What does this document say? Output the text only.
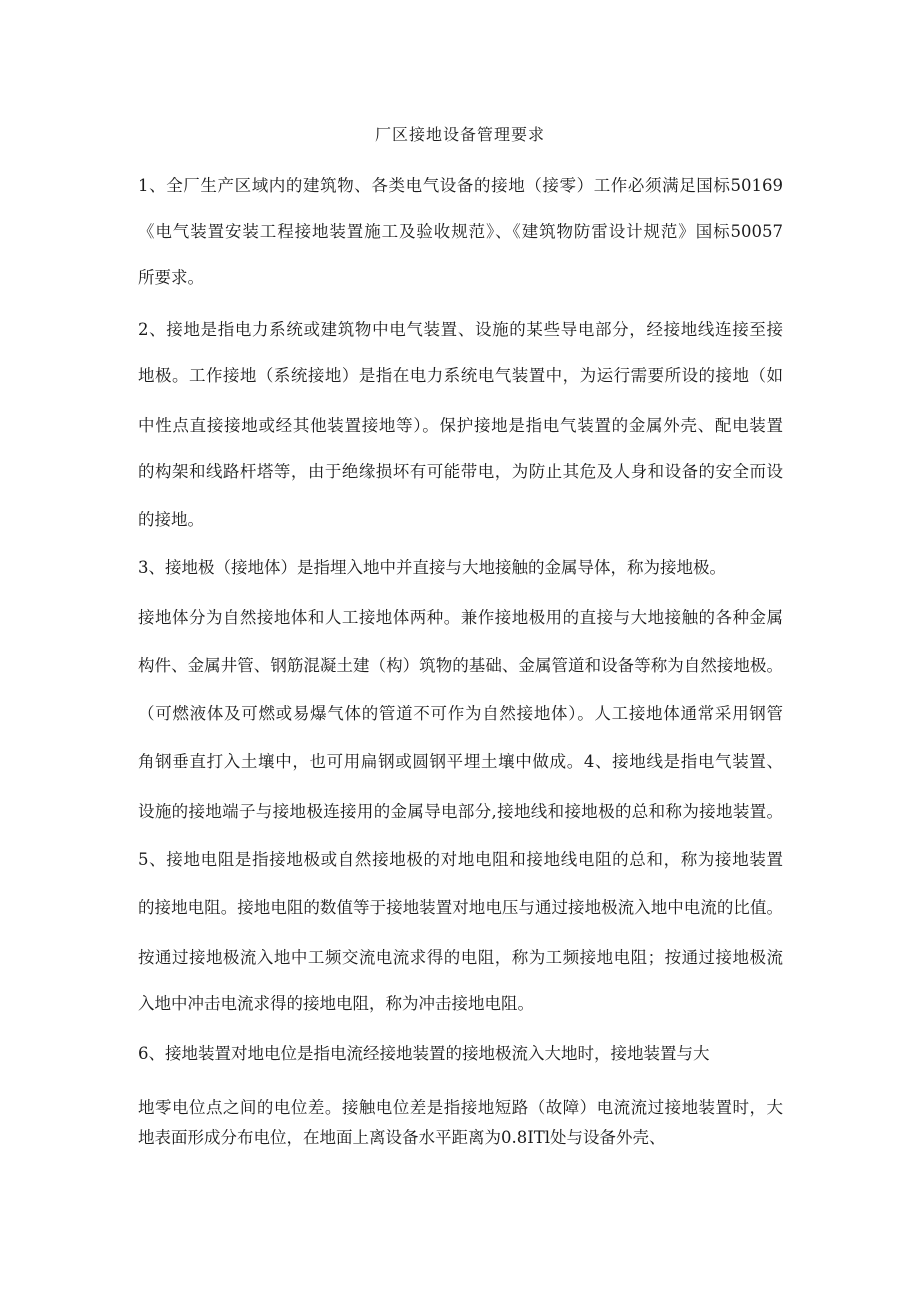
厂区接地设备管理要求
1、全厂生产区域内的建筑物、各类电气设备的接地（接零）工作必须满足国标50169
《电气装置安装工程接地装置施工及验收规范》、《建筑物防雷设计规范》国标50057
所要求。
2、接地是指电力系统或建筑物中电气装置、设施的某些导电部分，经接地线连接至接
地极。工作接地（系统接地）是指在电力系统电气装置中，为运行需要所设的接地（如
中性点直接接地或经其他装置接地等）。保护接地是指电气装置的金属外壳、配电装置
的构架和线路杆塔等，由于绝缘损坏有可能带电，为防止其危及人身和设备的安全而设
的接地。
3、接地极（接地体）是指埋入地中并直接与大地接触的金属导体，称为接地极。
接地体分为自然接地体和人工接地体两种。兼作接地极用的直接与大地接触的各种金属
构件、金属井管、钢筋混凝土建（构）筑物的基础、金属管道和设备等称为自然接地极。
（可燃液体及可燃或易爆气体的管道不可作为自然接地体）。人工接地体通常采用钢管
角钢垂直打入土壤中，也可用扁钢或圆钢平埋土壤中做成。4、接地线是指电气装置、
设施的接地端子与接地极连接用的金属导电部分,接地线和接地极的总和称为接地装置。
5、接地电阻是指接地极或自然接地极的对地电阻和接地线电阻的总和，称为接地装置
的接地电阻。接地电阻的数值等于接地装置对地电压与通过接地极流入地中电流的比值。
按通过接地极流入地中工频交流电流求得的电阻，称为工频接地电阻；按通过接地极流
入地中冲击电流求得的接地电阻，称为冲击接地电阻。
6、接地装置对地电位是指电流经接地装置的接地极流入大地时，接地装置与大
地零电位点之间的电位差。接触电位差是指接地短路（故障）电流流过接地装置时，大
地表面形成分布电位，在地面上离设备水平距离为0.8ITl处与设备外壳、
